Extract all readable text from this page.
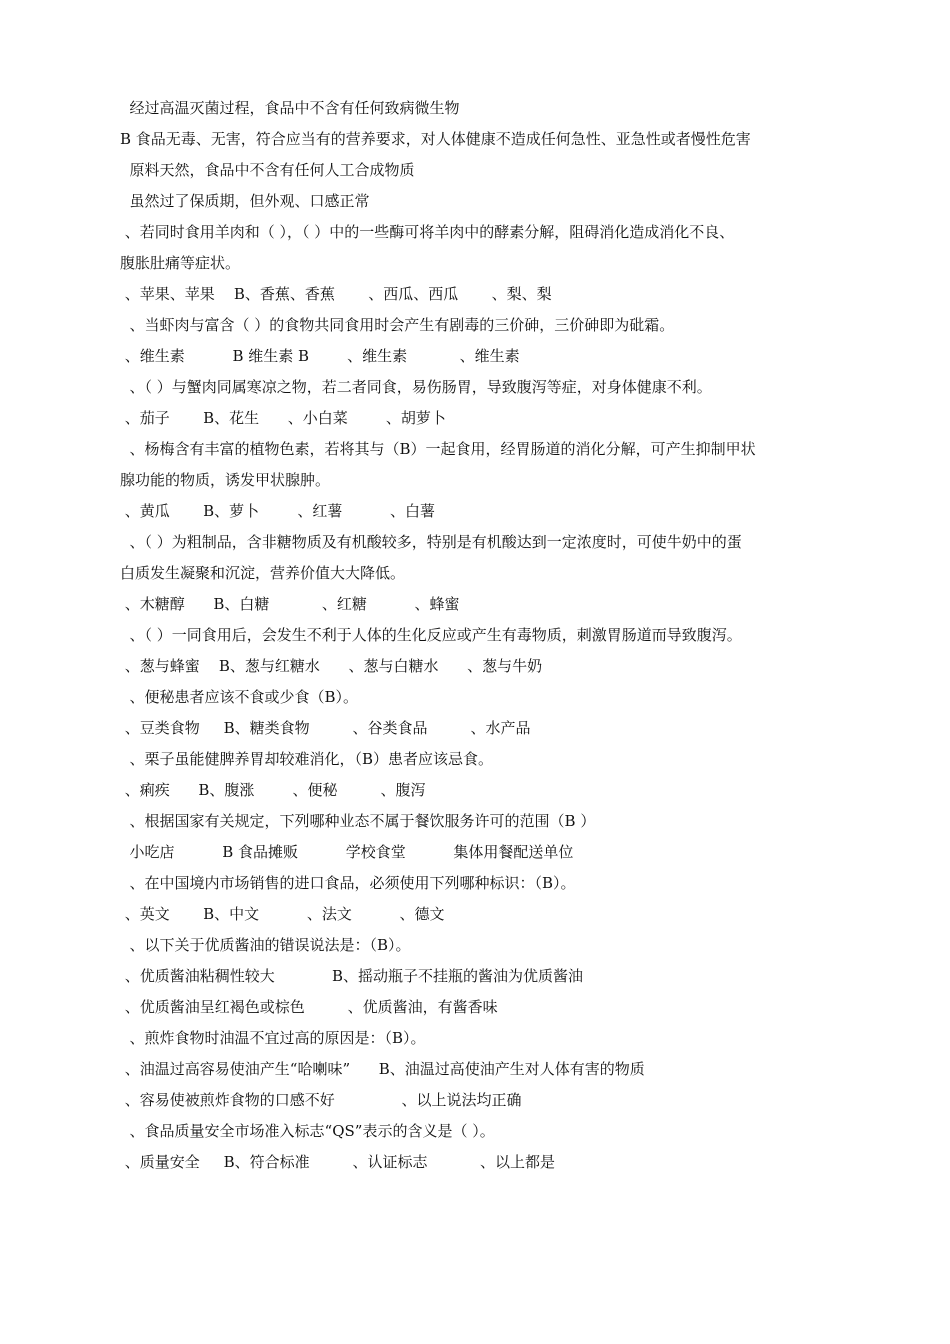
经过高温灭菌过程，食品中不含有任何致病微生物

B 食品无毒、无害，符合应当有的营养要求，对人体健康不造成任何急性、亚急性或者慢性危害

原料天然，食品中不含有任何人工合成物质

虽然过了保质期，但外观、口感正常

、若同时食用羊肉和（ ），（ ）中的一些酶可将羊肉中的酵素分解，阻碍消化造成消化不良、

腹胀肚痛等症状。

、苹果、苹果    B、香蕉、香蕉       、西瓜、西瓜       、梨、梨

、当虾肉与富含（ ）的食物共同食用时会产生有剧毒的三价砷，三价砷即为砒霜。

、维生素          B 维生素 B        、维生素           、维生素

、（ ）与蟹肉同属寒凉之物，若二者同食，易伤肠胃，导致腹泻等症，对身体健康不利。

、茄子       B、花生      、小白菜        、胡萝卜

、杨梅含有丰富的植物色素，若将其与（B）一起食用，经胃肠道的消化分解，可产生抑制甲状

腺功能的物质，诱发甲状腺肿。

、黄瓜       B、萝卜        、红薯          、白薯

、（ ）为粗制品，含非糖物质及有机酸较多，特别是有机酸达到一定浓度时，可使牛奶中的蛋

白质发生凝聚和沉淀，营养价值大大降低。

、木糖醇      B、白糖           、红糖          、蜂蜜

、（ ）一同食用后，会发生不利于人体的生化反应或产生有毒物质，刺激胃肠道而导致腹泻。

、葱与蜂蜜    B、葱与红糖水      、葱与白糖水      、葱与牛奶

、便秘患者应该不食或少食（B）。

、豆类食物     B、糖类食物         、谷类食品         、水产品

、栗子虽能健脾养胃却较难消化，（B）患者应该忌食。

、痢疾      B、腹涨        、便秘         、腹泻

、根据国家有关规定，下列哪种业态不属于餐饮服务许可的范围（B ）

小吃店          B 食品摊贩          学校食堂          集体用餐配送单位

、在中国境内市场销售的进口食品，必须使用下列哪种标识：（B）。

、英文       B、中文          、法文          、德文

、以下关于优质酱油的错误说法是：（B）。

、优质酱油粘稠性较大            B、摇动瓶子不挂瓶的酱油为优质酱油

、优质酱油呈红褐色或棕色         、优质酱油，有酱香味

、煎炸食物时油温不宜过高的原因是：（B）。

、油温过高容易使油产生“哈喇味”      B、油温过高使油产生对人体有害的物质

、容易使被煎炸食物的口感不好              、以上说法均正确

、食品质量安全市场准入标志“QS”表示的含义是（ ）。

、质量安全     B、符合标准         、认证标志           、以上都是
